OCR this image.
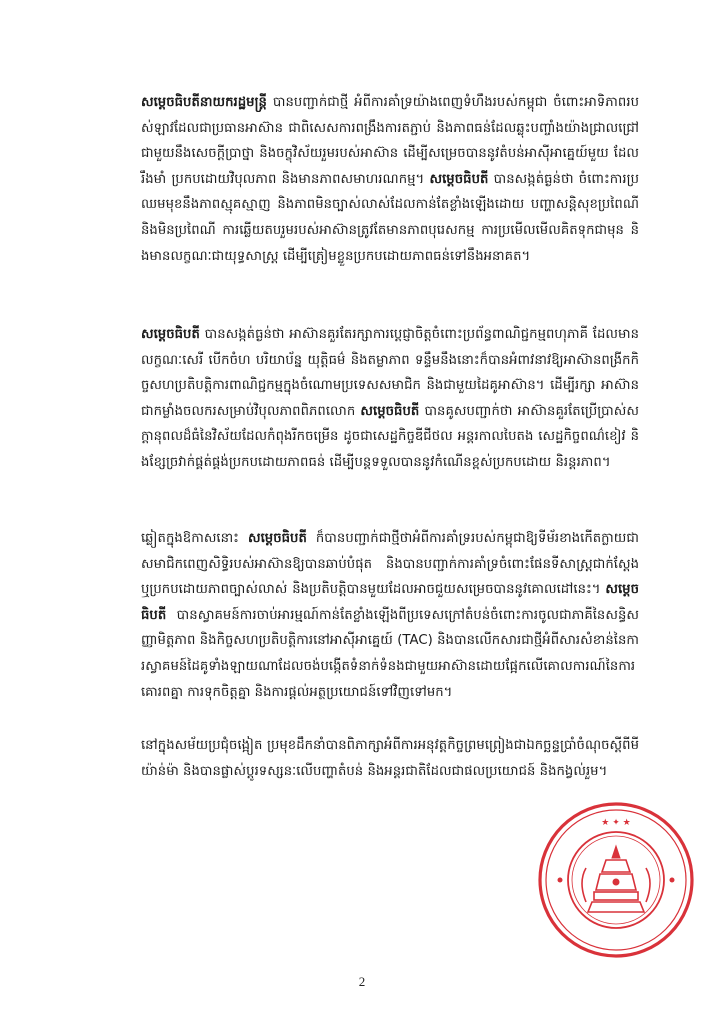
សម្តេចធិបតីនាយករដ្ឋមន្ត្រី បានបញ្ជាក់ជាថ្មី អំពីការគាំទ្រយ៉ាងពេញទំហឹងរបស់កម្ពុជា ចំពោះអាទិភាពរបស់ឡាវដែលជាប្រធានអាស៊ាន ជាពិសេសការពង្រឹងការតភ្ជាប់ និងភាពធន់ដែលឆ្លុះបញ្ចាំងយ៉ាងជ្រាលជ្រៅជាមួយនឹងសេចក្តីប្រាថ្នា និងចក្ខុវិស័យរួមរបស់អាស៊ាន ដើម្បីសម្រេចបាននូវតំបន់អាស៊ីអាគ្នេយ៍មួយ ដែលរឹងមាំ ប្រកបដោយវិបុលភាព និងមានភាពសមាហរណកម្ម។ សម្តេចធិបតី បានសង្កត់ធ្ងន់ថា ចំពោះការប្រឈមមុខនឹងភាពស្មុគស្មាញ និងភាពមិនច្បាស់លាស់ដែលកាន់តែខ្លាំងឡើងដោយ បញ្ហាសន្តិសុខប្រពៃណី និងមិនប្រពៃណី ការឆ្លើយតបរួមរបស់អាស៊ានត្រូវតែមានភាពបុរេសកម្ម ការប្រមើលមើលគិតទុកជាមុន និងមានលក្ខណៈជាយុទ្ធសាស្ត្រ ដើម្បីត្រៀមខ្លួនប្រកបដោយភាពធន់ទៅនឹងអនាគត។
សម្តេចធិបតី បានសង្កត់ធ្ងន់ថា អាស៊ានគួរតែរក្សាការប្តេជ្ញាចិត្តចំពោះប្រព័ន្ធពាណិជ្ជកម្មពហុភាគី ដែលមានលក្ខណៈសេរី បើកចំហ បរិយាប័ន្ន យុត្តិធម៌ និងតម្លាភាព ទន្ទឹមនឹងនោះក៏បានអំពាវនាវឱ្យអាស៊ានពង្រីកកិច្ចសហប្រតិបត្តិការពាណិជ្ជកម្មក្នុងចំណោមប្រទេសសមាជិក និងជាមួយដៃគូអាស៊ាន។ ដើម្បីរក្សា អាស៊ានជាកម្លាំងចលករសម្រាប់វិបុលភាពពិភពលោក សម្តេចធិបតី បានគូសបញ្ជាក់ថា អាស៊ានគួរតែប្រើប្រាស់សក្តានុពលដ៏ធំនៃវិស័យដែលកំពុងរីកចម្រើន ដូចជាសេដ្ឋកិច្ចឌីជីថល អន្តរកាលបៃតង សេដ្ឋកិច្ចពណ៌ខៀវ និងខ្សែច្រវាក់ផ្គត់ផ្គង់ប្រកបដោយភាពធន់ ដើម្បីបន្តទទួលបាននូវកំណើនខ្ពស់ប្រកបដោយ និរន្តរភាព។
ឆ្លៀតក្នុងឱកាសនោះ សម្តេចធិបតី ក៏បានបញ្ជាក់ជាថ្មីថាអំពីការគាំទ្ររបស់កម្ពុជាឱ្យទីម័រខាងកើតក្លាយជាសមាជិកពេញសិទ្ធិរបស់អាស៊ានឱ្យបានឆាប់បំផុត និងបានបញ្ជាក់ការគាំទ្រចំពោះផែនទីសាស្ត្រជាក់ស្តែង ឬប្រកបដោយភាពច្បាស់លាស់ និងប្រតិបត្តិបានមួយដែលអាចជួយសម្រេចបាននូវគោលដៅនេះ។ សម្តេចធិបតី បានស្វាគមន៍ការចាប់អារម្មណ៍កាន់តែខ្លាំងឡើងពីប្រទេសក្រៅតំបន់ចំពោះការចូលជាភាគីនៃសន្ធិសញ្ញាមិត្តភាព និងកិច្ចសហប្រតិបត្តិការនៅអាស៊ីអាគ្នេយ៍ (TAC) និងបានលើកសារជាថ្មីអំពីសារសំខាន់នៃការស្វាគមន៍ដៃគូទាំងឡាយណាដែលចង់បង្កើតទំនាក់ទំនងជាមួយអាស៊ានដោយផ្អែកលើគោលការណ៍នៃការគោរពគ្នា ការទុកចិត្តគ្នា និងការផ្តល់អត្ថប្រយោជន៍ទៅវិញទៅមក។
នៅក្នុងសម័យប្រជុំចង្អៀត ប្រមុខដឹកនាំបានពិភាក្សាអំពីការអនុវត្តកិច្ចព្រមព្រៀងជាឯកច្ឆន្ទប្រាំចំណុចស្តីពីមីយ៉ាន់ម៉ា និងបានផ្លាស់ប្តូរទស្សនៈលើបញ្ហាតំបន់ និងអន្តរជាតិដែលជាផលប្រយោជន៍ និងកង្វល់រួម។
★ ✦ ★
2
